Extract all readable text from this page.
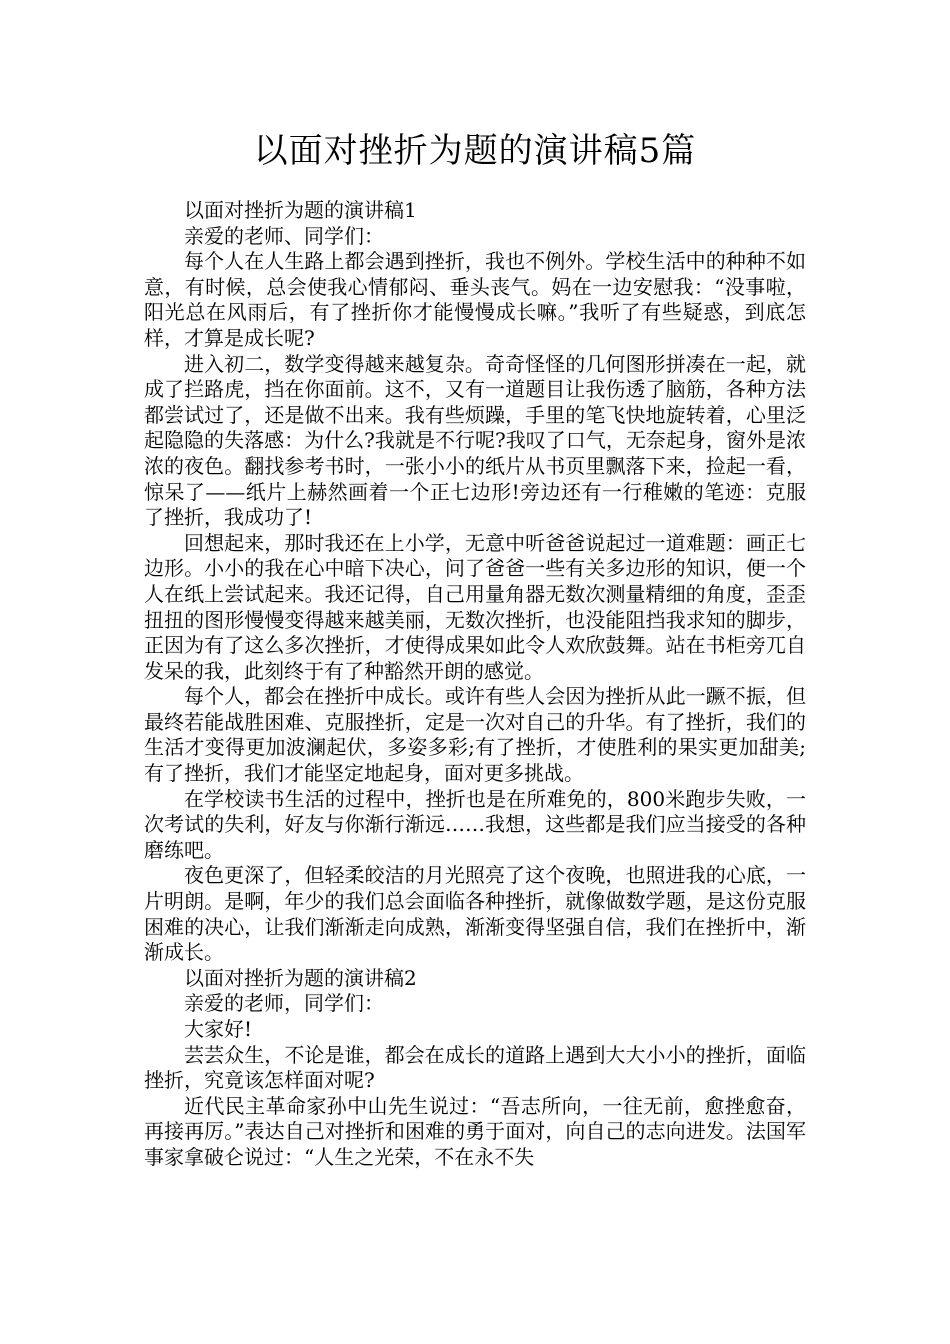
以面对挫折为题的演讲稿5篇

以面对挫折为题的演讲稿1

亲爱的老师、同学们：

每个人在人生路上都会遇到挫折，我也不例外。学校生活中的种种不如意，有时候，总会使我心情郁闷、垂头丧气。妈在一边安慰我：“没事啦，阳光总在风雨后，有了挫折你才能慢慢成长嘛。”我听了有些疑惑，到底怎样，才算是成长呢?

进入初二，数学变得越来越复杂。奇奇怪怪的几何图形拼凑在一起，就成了拦路虎，挡在你面前。这不，又有一道题目让我伤透了脑筋，各种方法都尝试过了，还是做不出来。我有些烦躁，手里的笔飞快地旋转着，心里泛起隐隐的失落感：为什么?我就是不行呢?我叹了口气，无奈起身，窗外是浓浓的夜色。翻找参考书时，一张小小的纸片从书页里飘落下来，捡起一看，惊呆了——纸片上赫然画着一个正七边形!旁边还有一行稚嫩的笔迹：克服了挫折，我成功了!

回想起来，那时我还在上小学，无意中听爸爸说起过一道难题：画正七边形。小小的我在心中暗下决心，问了爸爸一些有关多边形的知识，便一个人在纸上尝试起来。我还记得，自己用量角器无数次测量精细的角度，歪歪扭扭的图形慢慢变得越来越美丽，无数次挫折，也没能阻挡我求知的脚步，正因为有了这么多次挫折，才使得成果如此令人欢欣鼓舞。站在书柜旁兀自发呆的我，此刻终于有了种豁然开朗的感觉。

每个人，都会在挫折中成长。或许有些人会因为挫折从此一蹶不振，但最终若能战胜困难、克服挫折，定是一次对自己的升华。有了挫折，我们的生活才变得更加波澜起伏，多姿多彩;有了挫折，才使胜利的果实更加甜美;有了挫折，我们才能坚定地起身，面对更多挑战。

在学校读书生活的过程中，挫折也是在所难免的，800米跑步失败，一次考试的失利，好友与你渐行渐远……我想，这些都是我们应当接受的各种磨练吧。

夜色更深了，但轻柔皎洁的月光照亮了这个夜晚，也照进我的心底，一片明朗。是啊，年少的我们总会面临各种挫折，就像做数学题，是这份克服困难的决心，让我们渐渐走向成熟，渐渐变得坚强自信，我们在挫折中，渐渐成长。

以面对挫折为题的演讲稿2

亲爱的老师，同学们：

大家好!

芸芸众生，不论是谁，都会在成长的道路上遇到大大小小的挫折，面临挫折，究竟该怎样面对呢?

近代民主革命家孙中山先生说过：“吾志所向，一往无前，愈挫愈奋，再接再厉。”表达自己对挫折和困难的勇于面对，向自己的志向进发。法国军事家拿破仑说过：“人生之光荣，不在永不失
